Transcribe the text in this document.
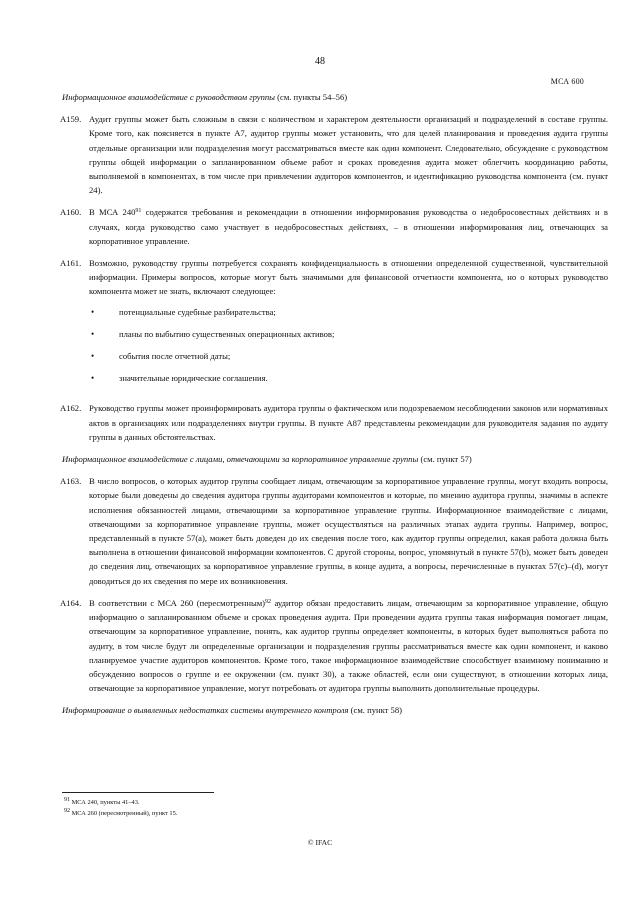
48
МСА 600
Информационное взаимодействие с руководством группы (см. пункты 54–56)
A159. Аудит группы может быть сложным в связи с количеством и характером деятельности организаций и подразделений в составе группы. Кроме того, как поясняется в пункте A7, аудитор группы может установить, что для целей планирования и проведения аудита группы отдельные организации или подразделения могут рассматриваться вместе как один компонент. Следовательно, обсуждение с руководством группы общей информации о запланированном объеме работ и сроках проведения аудита может облегчить координацию работы, выполняемой в компонентах, в том числе при привлечении аудиторов компонентов, и идентификацию руководства компонента (см. пункт 24).
A160. В МСА $240^{91}$ содержатся требования и рекомендации в отношении информирования руководства о недобросовестных действиях и в случаях, когда руководство само участвует в недобросовестных действиях, – в отношении информирования лиц, отвечающих за корпоративное управление.
A161. Возможно, руководству группы потребуется сохранять конфиденциальность в отношении определенной существенной, чувствительной информации. Примеры вопросов, которые могут быть значимыми для финансовой отчетности компонента, но о которых руководство компонента может не знать, включают следующее:
• потенциальные судебные разбирательства;
• планы по выбытию существенных операционных активов;
• события после отчетной даты;
• значительные юридические соглашения.
A162. Руководство группы может проинформировать аудитора группы о фактическом или подозреваемом несоблюдении законов или нормативных актов в организациях или подразделениях внутри группы. В пункте A87 представлены рекомендации для руководителя задания по аудиту группы в данных обстоятельствах.
Информационное взаимодействие с лицами, отвечающими за корпоративное управление группы (см. пункт 57)
A163. В число вопросов, о которых аудитор группы сообщает лицам, отвечающим за корпоративное управление группы, могут входить вопросы, которые были доведены до сведения аудитора группы аудиторами компонентов и которые, по мнению аудитора группы, значимы в аспекте исполнения обязанностей лицами, отвечающими за корпоративное управление группы. Информационное взаимодействие с лицами, отвечающими за корпоративное управление группы, может осуществляться на различных этапах аудита группы. Например, вопрос, представленный в пункте 57(a), может быть доведен до их сведения после того, как аудитор группы определил, какая работа должна быть выполнена в отношении финансовой информации компонентов. С другой стороны, вопрос, упомянутый в пункте 57(b), может быть доведен до сведения лиц, отвечающих за корпоративное управление группы, в конце аудита, а вопросы, перечисленные в пунктах 57(c)–(d), могут доводиться до их сведения по мере их возникновения.
A164. В соответствии с МСА 260 (пересмотренным)$^{92}$ аудитор обязан предоставить лицам, отвечающим за корпоративное управление, общую информацию о запланированном объеме и сроках проведения аудита. При проведении аудита группы такая информация помогает лицам, отвечающим за корпоративное управление, понять, как аудитор группы определяет компоненты, в которых будет выполняться работа по аудиту, в том числе будут ли определенные организации и подразделения группы рассматриваться вместе как один компонент, и каково планируемое участие аудиторов компонентов. Кроме того, такое информационное взаимодействие способствует взаимному пониманию и обсуждению вопросов о группе и ее окружении (см. пункт 30), а также областей, если они существуют, в отношении которых лица, отвечающие за корпоративное управление, могут потребовать от аудитора группы выполнить дополнительные процедуры.
Информирование о выявленных недостатках системы внутреннего контроля (см. пункт 58)
$^{91}$ МСА 240, пункты 41–43.
$^{92}$ МСА 260 (пересмотренный), пункт 15.
© IFAC
